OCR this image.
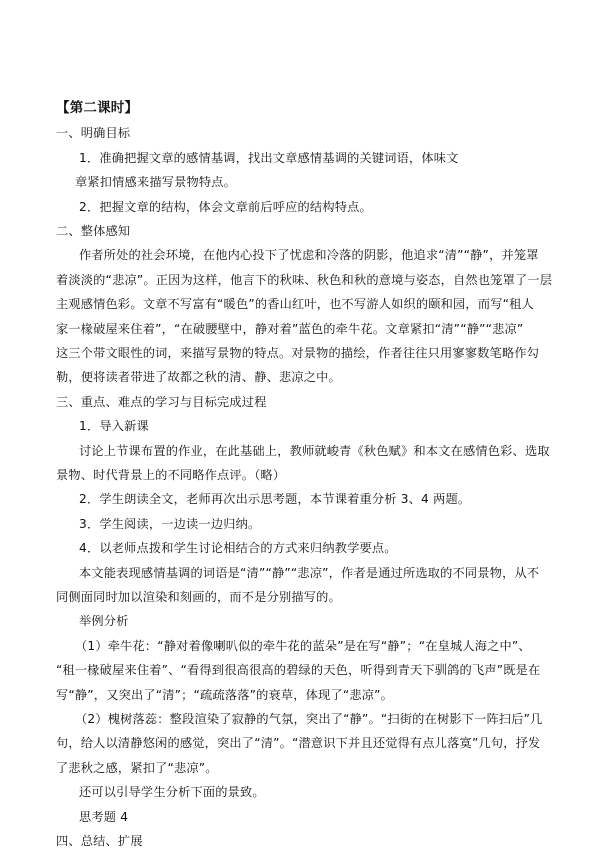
【第二课时】
一、明确目标
1．准确把握文章的感情基调，找出文章感情基调的关键词语，体味文
章紧扣情感来描写景物特点。
2．把握文章的结构，体会文章前后呼应的结构特点。
二、整体感知
作者所处的社会环境，在他内心投下了忧虑和冷落的阴影，他追求“清”“静”，并笼罩
着淡淡的“悲凉”。正因为这样，他言下的秋味、秋色和秋的意境与姿态，自然也笼罩了一层
主观感情色彩。文章不写富有“暖色”的香山红叶，也不写游人如织的颐和园，而写“租人
家一椽破屋来住着”，“在破腰壁中，静对着”蓝色的牵牛花。文章紧扣“清”“静”“悲凉”
这三个带文眼性的词，来描写景物的特点。对景物的描绘，作者往往只用寥寥数笔略作勾
勒，便将读者带进了故都之秋的清、静、悲凉之中。
三、重点、难点的学习与目标完成过程
1．导入新课
讨论上节课布置的作业，在此基础上，教师就峻青《秋色赋》和本文在感情色彩、选取
景物、时代背景上的不同略作点评。（略）
2．学生朗读全文，老师再次出示思考题，本节课着重分析 3、4 两题。
3．学生阅读，一边读一边归纳。
4．以老师点拨和学生讨论相结合的方式来归纳教学要点。
本文能表现感情基调的词语是“清”“静”“悲凉”，作者是通过所选取的不同景物，从不
同侧面同时加以渲染和刻画的，而不是分别描写的。
举例分析
（1）牵牛花：“静对着像喇叭似的牵牛花的蓝朵”是在写“静”；“在皇城人海之中”、
“租一椽破屋来住着”、“看得到很高很高的碧绿的天色，听得到青天下驯鸽的飞声”既是在
写“静”，又突出了“清”；“疏疏落落”的衰草，体现了“悲凉”。
（2）槐树落蕊：整段渲染了寂静的气氛，突出了“静”。“扫街的在树影下一阵扫后”几
句，给人以清静悠闲的感觉，突出了“清”。“潜意识下并且还觉得有点儿落寞”几句，抒发
了悲秋之感，紧扣了“悲凉”。
还可以引导学生分析下面的景致。
思考题 4
四、总结、扩展
